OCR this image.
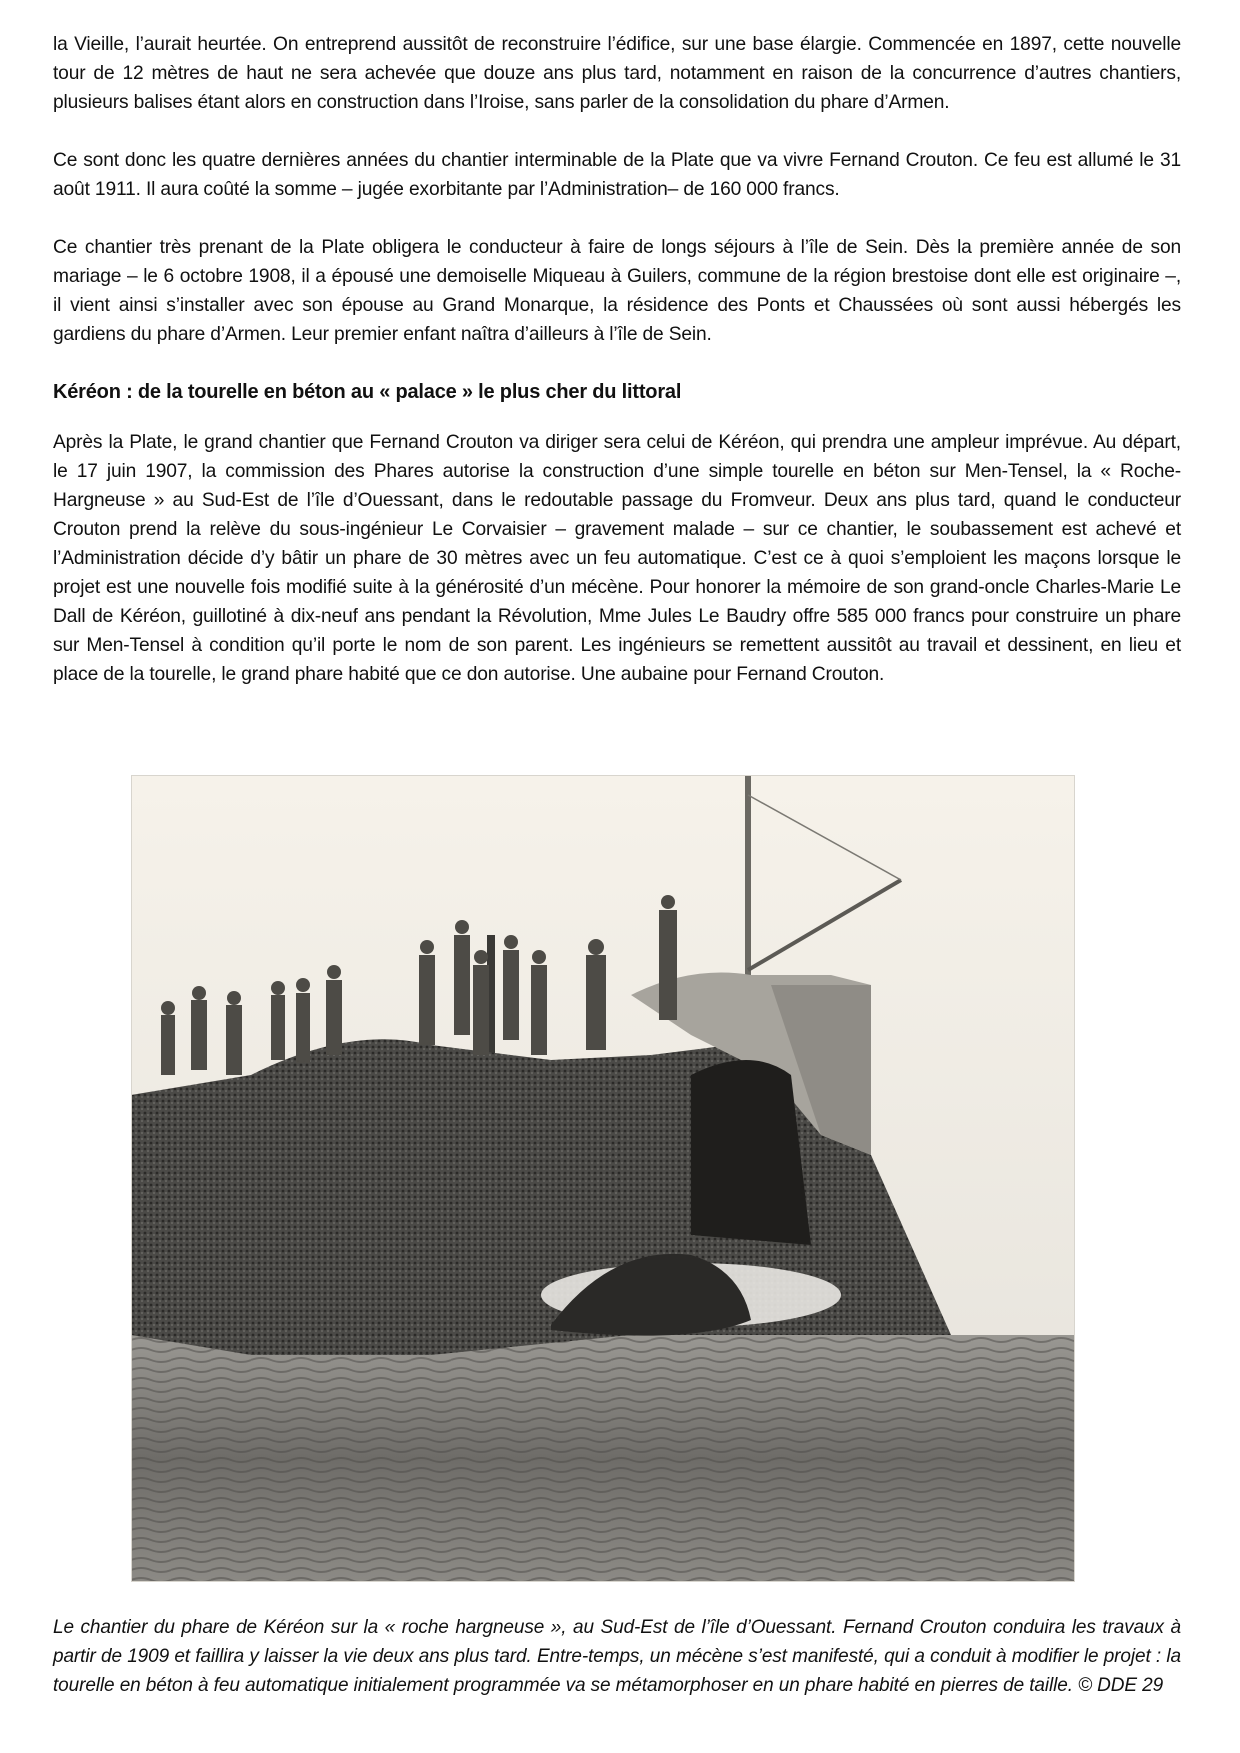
la Vieille, l’aurait heurtée. On entreprend aussitôt de reconstruire l’édifice, sur une base élargie. Commencée en 1897, cette nouvelle tour de 12 mètres de haut ne sera achevée que douze ans plus tard, notamment en raison de la concurrence d’autres chantiers, plusieurs balises étant alors en construction dans l’Iroise, sans parler de la consolidation du phare d’Armen.

Ce sont donc les quatre dernières années du chantier interminable de la Plate que va vivre Fernand Crouton. Ce feu est allumé le 31 août 1911. Il aura coûté la somme – jugée exorbitante par l’Administration– de 160 000 francs.

Ce chantier très prenant de la Plate obligera le conducteur à faire de longs séjours à l’île de Sein. Dès la première année de son mariage – le 6 octobre 1908, il a épousé une demoiselle Miqueau à Guilers, commune de la région brestoise dont elle est originaire –, il vient ainsi s’installer avec son épouse au Grand Monarque, la résidence des Ponts et Chaussées où sont aussi hébergés les gardiens du phare d’Armen. Leur premier enfant naîtra d’ailleurs à l’île de Sein.

Kéréon : de la tourelle en béton au « palace » le plus cher du littoral

Après la Plate, le grand chantier que Fernand Crouton va diriger sera celui de Kéréon, qui prendra une ampleur imprévue. Au départ, le 17 juin 1907, la commission des Phares autorise la construction d’une simple tourelle en béton sur Men-Tensel, la « Roche-Hargneuse » au Sud-Est de l’île d’Ouessant, dans le redoutable passage du Fromveur. Deux ans plus tard, quand le conducteur Crouton prend la relève du sous-ingénieur Le Corvaisier – gravement malade – sur ce chantier, le soubassement est achevé et l’Administration décide d’y bâtir un phare de 30 mètres avec un feu automatique. C’est ce à quoi s’emploient les maçons lorsque le projet est une nouvelle fois modifié suite à la générosité d’un mécène. Pour honorer la mémoire de son grand-oncle Charles-Marie Le Dall de Kéréon, guillotiné à dix-neuf ans pendant la Révolution, Mme Jules Le Baudry offre 585 000 francs pour construire un phare sur Men-Tensel à condition qu’il porte le nom de son parent. Les ingénieurs se remettent aussitôt au travail et dessinent, en lieu et place de la tourelle, le grand phare habité que ce don autorise. Une aubaine pour Fernand Crouton.

Le chantier du phare de Kéréon sur la « roche hargneuse », au Sud-Est de l’île d’Ouessant. Fernand Crouton conduira les travaux à partir de 1909 et faillira y laisser la vie deux ans plus tard. Entre-temps, un mécène s’est manifesté, qui a conduit à modifier le projet : la tourelle en béton à feu automatique initialement programmée va se métamorphoser en un phare habité en pierres de taille. © DDE 29
